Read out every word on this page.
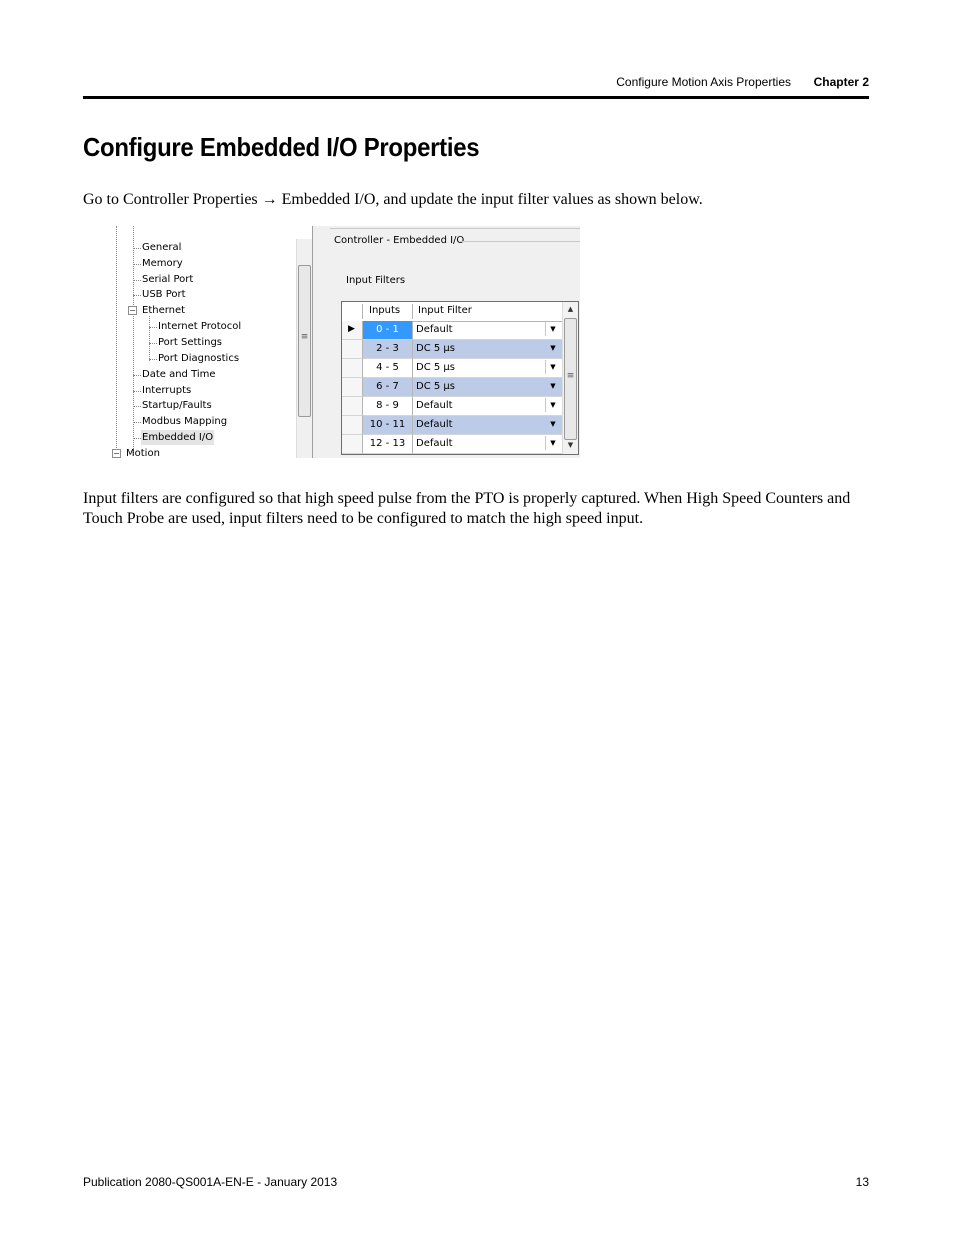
Configure Motion Axis Properties	Chapter 2
Configure Embedded I/O Properties

Go to Controller Properties → Embedded I/O, and update the input filter values as shown below.

General
Memory
Serial Port
USB Port
− Ethernet
Internet Protocol
Port Settings
Port Diagnostics
Date and Time
Interrupts
Startup/Faults
Modbus Mapping
Embedded I/O
− Motion
≡
Controller - Embedded I/O
Input Filters
Inputs Input Filter
▶	0 - 1	Default	▼
2 - 3	DC 5 µs	▼
4 - 5	DC 5 µs	▼
6 - 7	DC 5 µs	▼
8 - 9	Default	▼
10 - 11	Default	▼
12 - 13	Default	▼
▲
≡
▼

Input filters are configured so that high speed pulse from the PTO is properly captured. When High Speed Counters and Touch Probe are used, input filters need to be configured to match the high speed input.

Publication 2080-QS001A-EN-E - January 2013	13
